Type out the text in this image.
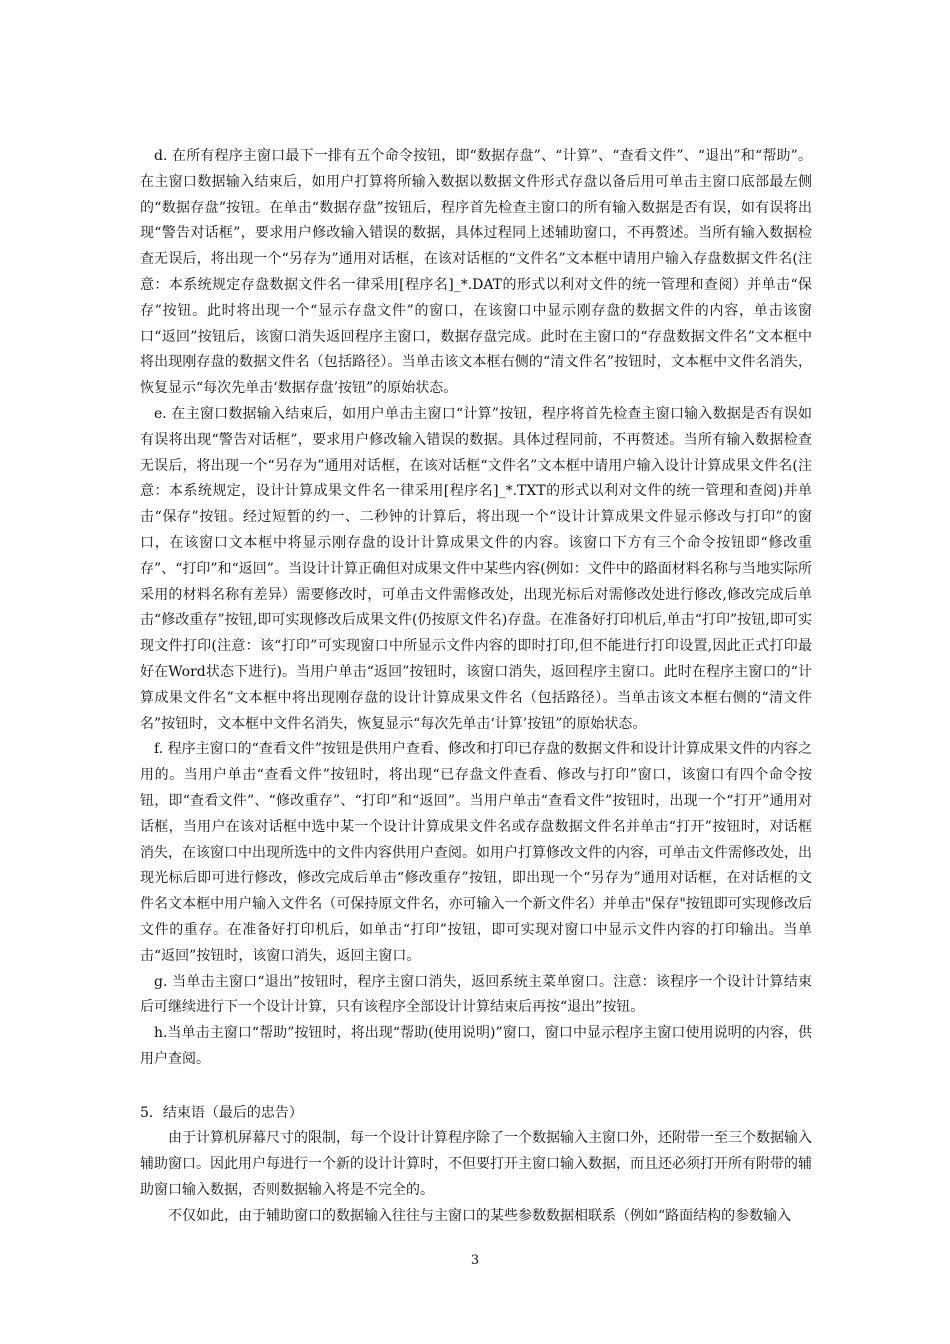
d. 在所有程序主窗口最下一排有五个命令按钮，即“数据存盘”、“计算”、“查看文件”、“退出”和“帮助”。在主窗口数据输入结束后，如用户打算将所输入数据以数据文件形式存盘以备后用可单击主窗口底部最左侧的“数据存盘”按钮。在单击“数据存盘”按钮后，程序首先检查主窗口的所有输入数据是否有误，如有误将出现“警告对话框”，要求用户修改输入错误的数据，具体过程同上述辅助窗口，不再赘述。当所有输入数据检查无误后，将出现一个“另存为”通用对话框，在该对话框的“文件名”文本框中请用户输入存盘数据文件名(注意：本系统规定存盘数据文件名一律采用[程序名]_*.DAT的形式以利对文件的统一管理和查阅）并单击“保存”按钮。此时将出现一个“显示存盘文件”的窗口，在该窗口中显示刚存盘的数据文件的内容，单击该窗口“返回”按钮后，该窗口消失返回程序主窗口，数据存盘完成。此时在主窗口的“存盘数据文件名”文本框中将出现刚存盘的数据文件名（包括路径）。当单击该文本框右侧的“清文件名”按钮时，文本框中文件名消失，恢复显示“每次先单击‘数据存盘’按钮”的原始状态。

e. 在主窗口数据输入结束后，如用户单击主窗口“计算”按钮，程序将首先检查主窗口输入数据是否有误如有误将出现“警告对话框”，要求用户修改输入错误的数据。具体过程同前，不再赘述。当所有输入数据检查无误后，将出现一个“另存为”通用对话框，在该对话框“文件名”文本框中请用户输入设计计算成果文件名(注意：本系统规定，设计计算成果文件名一律采用[程序名]_*.TXT的形式以利对文件的统一管理和查阅)并单击“保存”按钮。经过短暂的约一、二秒钟的计算后，将出现一个“设计计算成果文件显示修改与打印”的窗口，在该窗口文本框中将显示刚存盘的设计计算成果文件的内容。该窗口下方有三个命令按钮即“修改重存”、“打印”和“返回”。当设计计算正确但对成果文件中某些内容(例如：文件中的路面材料名称与当地实际所采用的材料名称有差异）需要修改时，可单击文件需修改处，出现光标后对需修改处进行修改,修改完成后单击“修改重存”按钮,即可实现修改后成果文件(仍按原文件名)存盘。在准备好打印机后,单击“打印”按钮,即可实现文件打印(注意：该“打印”可实现窗口中所显示文件内容的即时打印,但不能进行打印设置,因此正式打印最好在Word状态下进行)。当用户单击“返回”按钮时，该窗口消失，返回程序主窗口。此时在程序主窗口的“计算成果文件名”文本框中将出现刚存盘的设计计算成果文件名（包括路径）。当单击该文本框右侧的“清文件名”按钮时，文本框中文件名消失，恢复显示“每次先单击‘计算’按钮”的原始状态。

f. 程序主窗口的“查看文件”按钮是供用户查看、修改和打印已存盘的数据文件和设计计算成果文件的内容之用的。当用户单击“查看文件”按钮时，将出现“已存盘文件查看、修改与打印”窗口，该窗口有四个命令按钮，即“查看文件”、“修改重存”、“打印”和“返回”。当用户单击“查看文件”按钮时，出现一个“打开”通用对话框，当用户在该对话框中选中某一个设计计算成果文件名或存盘数据文件名并单击“打开”按钮时，对话框消失，在该窗口中出现所选中的文件内容供用户查阅。如用户打算修改文件的内容，可单击文件需修改处，出现光标后即可进行修改，修改完成后单击“修改重存”按钮，即出现一个“另存为”通用对话框，在对话框的文件名文本框中用户输入文件名（可保持原文件名，亦可输入一个新文件名）并单击"保存"按钮即可实现修改后文件的重存。在准备好打印机后，如单击“打印”按钮，即可实现对窗口中显示文件内容的打印输出。当单击“返回”按钮时，该窗口消失，返回主窗口。

g. 当单击主窗口“退出”按钮时，程序主窗口消失，返回系统主菜单窗口。注意：该程序一个设计计算结束后可继续进行下一个设计计算，只有该程序全部设计计算结束后再按“退出”按钮。

h.当单击主窗口“帮助”按钮时，将出现“帮助(使用说明)”窗口，窗口中显示程序主窗口使用说明的内容，供用户查阅。

5．结束语（最后的忠告）

由于计算机屏幕尺寸的限制，每一个设计计算程序除了一个数据输入主窗口外，还附带一至三个数据输入辅助窗口。因此用户每进行一个新的设计计算时，不但要打开主窗口输入数据，而且还必须打开所有附带的辅助窗口输入数据，否则数据输入将是不完全的。

不仅如此，由于辅助窗口的数据输入往往与主窗口的某些参数数据相联系（例如“路面结构的参数输入

3
